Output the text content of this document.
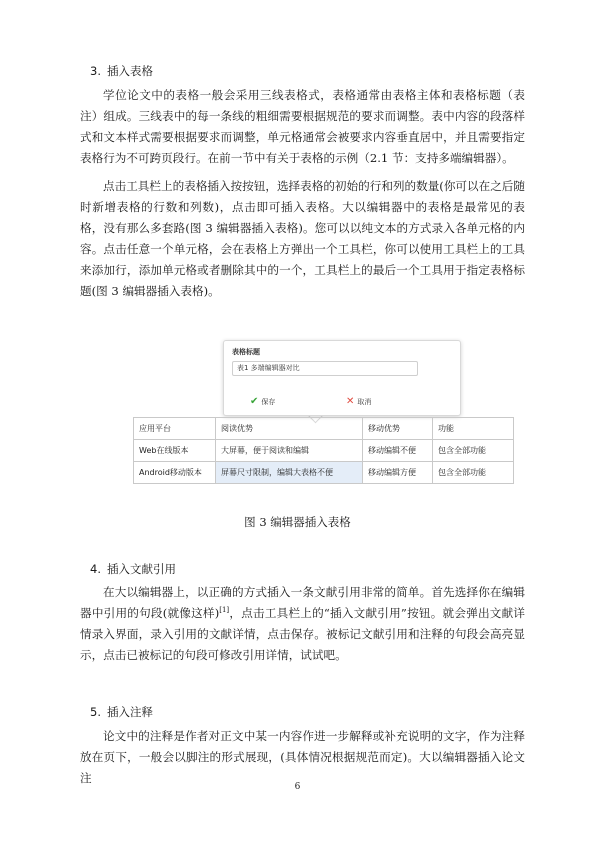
3. 插入表格

学位论文中的表格一般会采用三线表格式，表格通常由表格主体和表格标题（表注）组成。三线表中的每一条线的粗细需要根据规范的要求而调整。表中内容的段落样式和文本样式需要根据要求而调整，单元格通常会被要求内容垂直居中，并且需要指定表格行为不可跨页段行。在前一节中有关于表格的示例（2.1 节：支持多端编辑器）。

点击工具栏上的表格插入按按钮，选择表格的初始的行和列的数量(你可以在之后随时新增表格的行数和列数)，点击即可插入表格。大以编辑器中的表格是最常见的表格，没有那么多套路(图 3 编辑器插入表格)。您可以以纯文本的方式录入各单元格的内容。点击任意一个单元格，会在表格上方弹出一个工具栏，你可以使用工具栏上的工具来添加行，添加单元格或者删除其中的一个，工具栏上的最后一个工具用于指定表格标题(图 3 编辑器插入表格)。

表格标题
表1 多端编辑器对比
✔ 保存	✕ 取消
应用平台	阅读优势	移动优势	功能
Web在线版本	大屏幕，便于阅读和编辑	移动编辑不便	包含全部功能
Android移动版本	屏幕尺寸限制，编辑大表格不便	移动编辑方便	包含全部功能
图 3 编辑器插入表格
4. 插入文献引用

在大以编辑器上，以正确的方式插入一条文献引用非常的简单。首先选择你在编辑器中引用的句段(就像这样)[1]，点击工具栏上的“插入文献引用”按钮。就会弹出文献详情录入界面，录入引用的文献详情，点击保存。被标记文献引用和注释的句段会高亮显示，点击已被标记的句段可修改引用详情，试试吧。

5. 插入注释

论文中的注释是作者对正文中某一内容作进一步解释或补充说明的文字，作为注释放在页下，一般会以脚注的形式展现，(具体情况根据规范而定)。大以编辑器插入论文注

6
